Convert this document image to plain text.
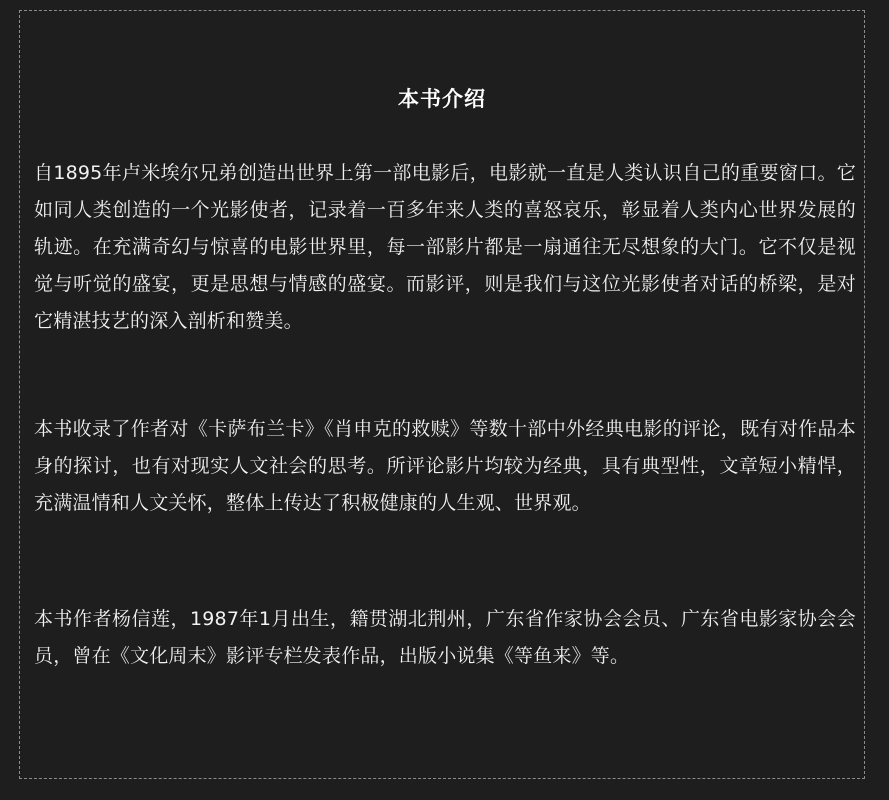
本书介绍

自1895年卢米埃尔兄弟创造出世界上第一部电影后，电影就一直是人类认识自己的重要窗口。它如同人类创造的一个光影使者，记录着一百多年来人类的喜怒哀乐，彰显着人类内心世界发展的轨迹。在充满奇幻与惊喜的电影世界里，每一部影片都是一扇通往无尽想象的大门。它不仅是视觉与听觉的盛宴，更是思想与情感的盛宴。而影评，则是我们与这位光影使者对话的桥梁，是对它精湛技艺的深入剖析和赞美。

本书收录了作者对《卡萨布兰卡》《肖申克的救赎》等数十部中外经典电影的评论，既有对作品本身的探讨，也有对现实人文社会的思考。所评论影片均较为经典，具有典型性，文章短小精悍，充满温情和人文关怀，整体上传达了积极健康的人生观、世界观。

本书作者杨信莲，1987年1月出生，籍贯湖北荆州，广东省作家协会会员、广东省电影家协会会员，曾在《文化周末》影评专栏发表作品，出版小说集《等鱼来》等。
